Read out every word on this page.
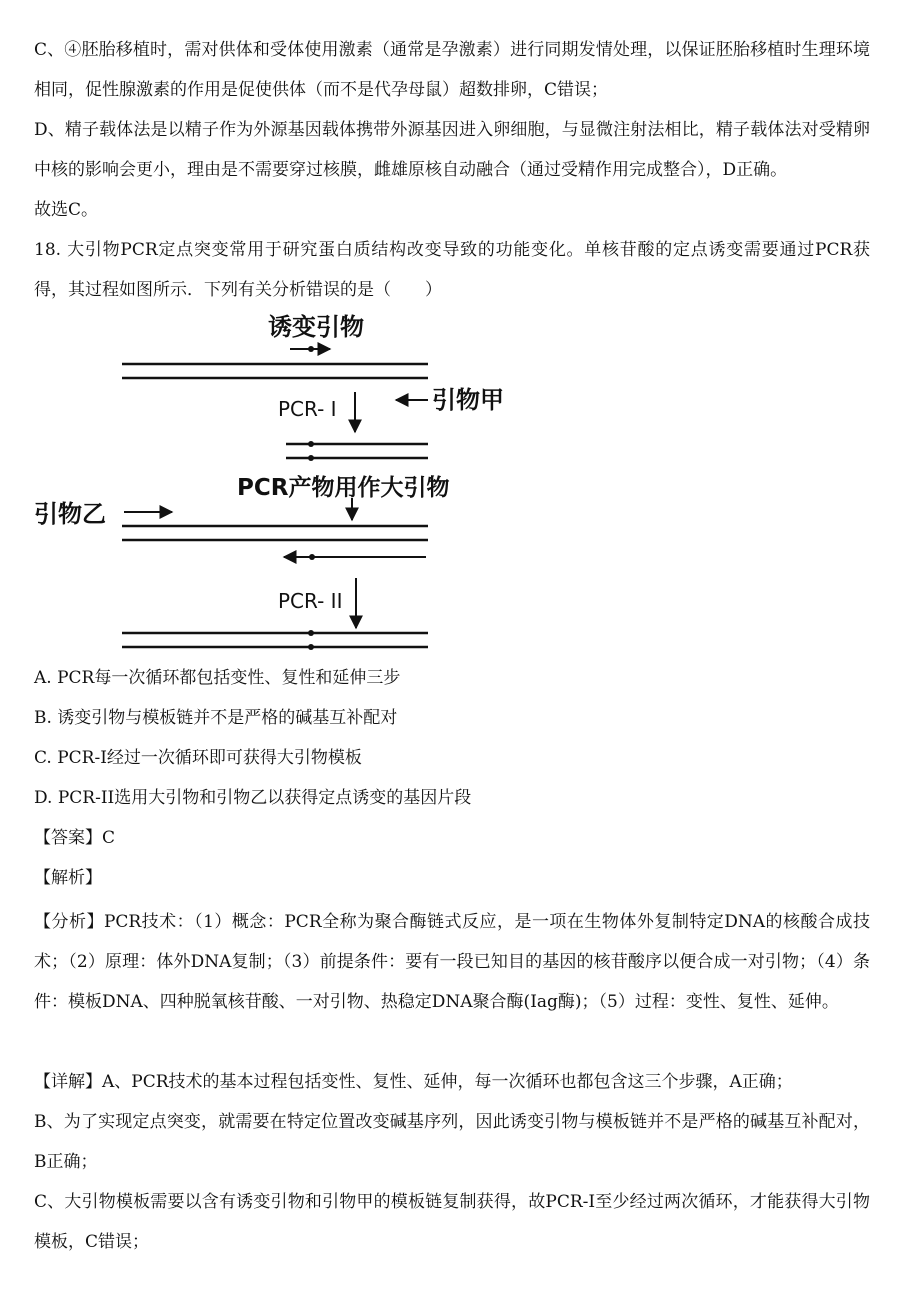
C、④胚胎移植时，需对供体和受体使用激素（通常是孕激素）进行同期发情处理，以保证胚胎移植时生理环境相同，促性腺激素的作用是促使供体（而不是代孕母鼠）超数排卵，C错误；

D、精子载体法是以精子作为外源基因载体携带外源基因进入卵细胞，与显微注射法相比，精子载体法对受精卵中核的影响会更小，理由是不需要穿过核膜，雌雄原核自动融合（通过受精作用完成整合），D正确。

故选C。

18. 大引物PCR定点突变常用于研究蛋白质结构改变导致的功能变化。单核苷酸的定点诱变需要通过PCR获得，其过程如图所示．下列有关分析错误的是（　　）

诱变引物
PCR- I	引物甲
PCR产物用作大引物
引物乙
PCR- II
A. PCR每一次循环都包括变性、复性和延伸三步
B. 诱变引物与模板链并不是严格的碱基互补配对
C. PCR-I经过一次循环即可获得大引物模板
D. PCR-II选用大引物和引物乙以获得定点诱变的基因片段
【答案】C
【解析】

【分析】PCR技术：（1）概念：PCR全称为聚合酶链式反应，是一项在生物体外复制特定DNA的核酸合成技术；（2）原理：体外DNA复制；（3）前提条件：要有一段已知目的基因的核苷酸序以便合成一对引物；（4）条件：模板DNA、四种脱氧核苷酸、一对引物、热稳定DNA聚合酶(Iag酶)；（5）过程：变性、复性、延伸。

【详解】A、PCR技术的基本过程包括变性、复性、延伸，每一次循环也都包含这三个步骤，A正确；

B、为了实现定点突变，就需要在特定位置改变碱基序列，因此诱变引物与模板链并不是严格的碱基互补配对，B正确；

C、大引物模板需要以含有诱变引物和引物甲的模板链复制获得，故PCR-I至少经过两次循环，才能获得大引物模板，C错误；
